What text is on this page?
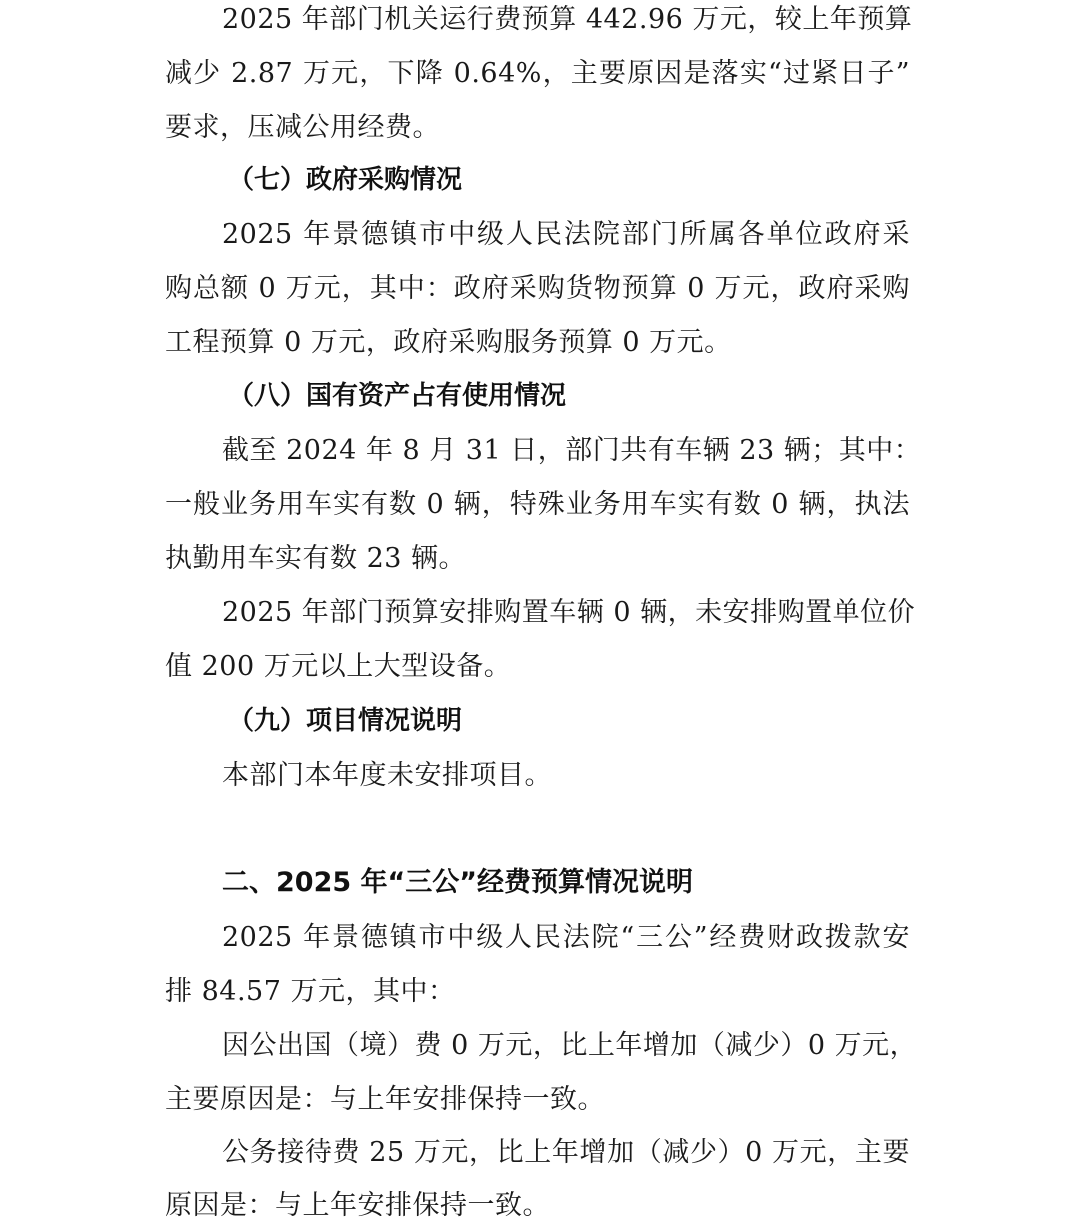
2025 年部门机关运行费预算 442.96 万元，较上年预算
减少 2.87 万元，下降 0.64%，主要原因是落实“过紧日子”
要求，压减公用经费。
（七）政府采购情况
2025 年景德镇市中级人民法院部门所属各单位政府采
购总额 0 万元，其中：政府采购货物预算 0 万元，政府采购
工程预算 0 万元，政府采购服务预算 0 万元。
（八）国有资产占有使用情况
截至 2024 年 8 月 31 日，部门共有车辆 23 辆；其中：
一般业务用车实有数 0 辆，特殊业务用车实有数 0 辆，执法
执勤用车实有数 23 辆。
2025 年部门预算安排购置车辆 0 辆，未安排购置单位价
值 200 万元以上大型设备。
（九）项目情况说明
本部门本年度未安排项目。
二、2025 年“三公”经费预算情况说明
2025 年景德镇市中级人民法院“三公”经费财政拨款安
排 84.57 万元，其中：
因公出国（境）费 0 万元，比上年增加（减少）0 万元，
主要原因是：与上年安排保持一致。
公务接待费 25 万元，比上年增加（减少）0 万元，主要
原因是：与上年安排保持一致。
